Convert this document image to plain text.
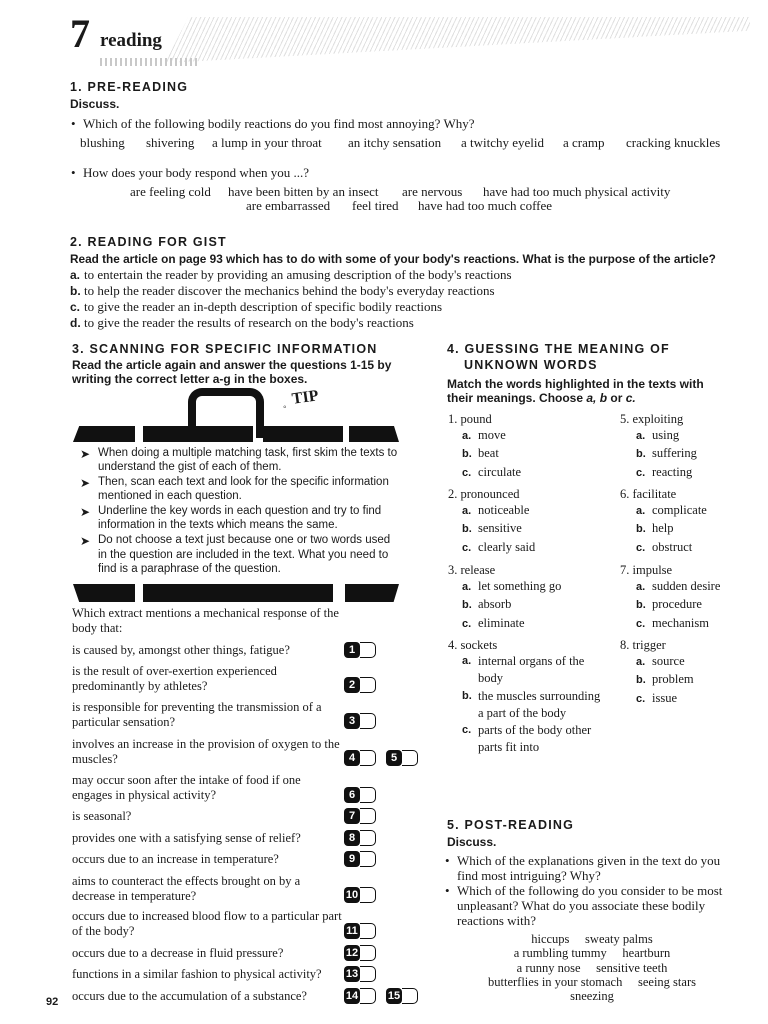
7 reading
1. PRE-READING
Discuss.
• Which of the following bodily reactions do you find most annoying? Why?
blushing shivering a lump in your throat an itchy sensation a twitchy eyelid a cramp cracking knuckles
• How does your body respond when you ...?
are feeling cold have been bitten by an insect are nervous have had too much physical activity
are embarrassed feel tired have had too much coffee
2. READING FOR GIST
Read the article on page 93 which has to do with some of your body's reactions. What is the purpose of the article?
a. to entertain the reader by providing an amusing description of the body's reactions
b. to help the reader discover the mechanics behind the body's everyday reactions
c. to give the reader an in-depth description of specific bodily reactions
d. to give the reader the results of research on the body's reactions
3. SCANNING FOR SPECIFIC INFORMATION
Read the article again and answer the questions 1-15 by writing the correct letter a-g in the boxes.
◦ TIP
➤ When doing a multiple matching task, first skim the texts to understand the gist of each of them.
➤ Then, scan each text and look for the specific information mentioned in each question.
➤ Underline the key words in each question and try to find information in the texts which means the same.
➤ Do not choose a text just because one or two words used in the question are included in the text. What you need to find is a paraphrase of the question.
Which extract mentions a mechanical response of the body that:
is caused by, amongst other things, fatigue?	1
is the result of over-exertion experienced predominantly by athletes?	2
is responsible for preventing the transmission of a particular sensation?	3
involves an increase in the provision of oxygen to the muscles?	4	5
may occur soon after the intake of food if one engages in physical activity?	6
is seasonal?	7
provides one with a satisfying sense of relief?	8
occurs due to an increase in temperature?	9
aims to counteract the effects brought on by a decrease in temperature?	10
occurs due to increased blood flow to a particular part of the body?	11
occurs due to a decrease in fluid pressure?	12
functions in a similar fashion to physical activity?	13
occurs due to the accumulation of a substance?	14	15
92
4. GUESSING THE MEANING OF
UNKNOWN WORDS
Match the words highlighted in the texts with their meanings. Choose a, b or c.
1. pound
a. move
b. beat
c. circulate
2. pronounced
a. noticeable
b. sensitive
c. clearly said
3. release
a. let something go
b. absorb
c. eliminate
4. sockets
a. internal organs of the body
b. the muscles surrounding a part of the body
c. parts of the body other parts fit into
5. exploiting
a. using
b. suffering
c. reacting
6. facilitate
a. complicate
b. help
c. obstruct
7. impulse
a. sudden desire
b. procedure
c. mechanism
8. trigger
a. source
b. problem
c. issue
5. POST-READING
Discuss.
• Which of the explanations given in the text do you find most intriguing? Why?
• Which of the following do you consider to be most unpleasant? What do you associate these bodily reactions with?
hiccups sweaty palms
a rumbling tummy heartburn
a runny nose sensitive teeth
butterflies in your stomach seeing stars
sneezing
